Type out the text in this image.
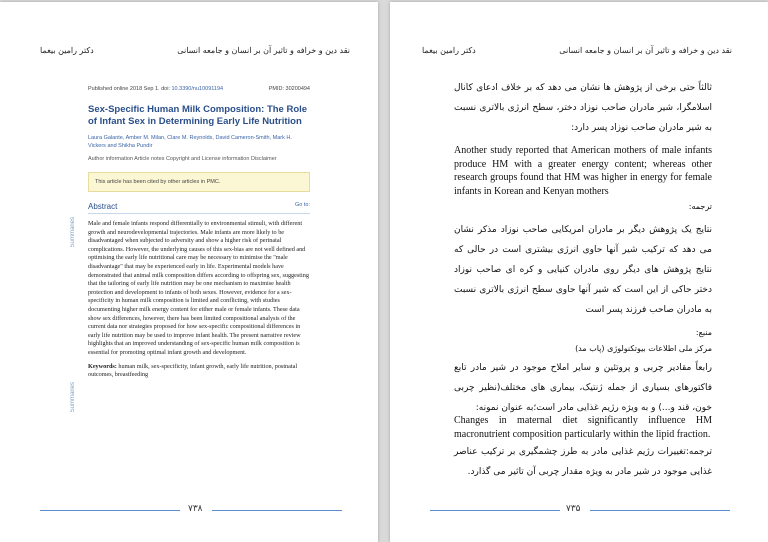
نقد دین و خرافه و تاثیر آن بر انسان و جامعه انسانی
دکتر رامین بیغما
Summaries
Summaries
Published online 2018 Sep 1. doi: 10.3390/nu10091194	PMID: 30200494
Sex-Specific Human Milk Composition: The Role of Infant Sex in Determining Early Life Nutrition
Laura Galante, Amber M. Milan, Clare M. Reynolds, David Cameron-Smith, Mark H. Vickers and Shikha Pundir
Author information Article notes Copyright and License information Disclaimer
This article has been cited by other articles in PMC.
Abstract	Go to:
Male and female infants respond differentially to environmental stimuli, with different growth and neurodevelopmental trajectories. Male infants are more likely to be disadvantaged when subjected to adversity and show a higher risk of perinatal complications. However, the underlying causes of this sex-bias are not well defined and optimising the early life nutritional care may be necessary to minimise the "male disadvantage" that may be experienced early in life. Experimental models have demonstrated that animal milk composition differs according to offspring sex, suggesting that the tailoring of early life nutrition may be one mechanism to maximise health protection and development to infants of both sexes. However, evidence for a sex-specificity in human milk composition is limited and conflicting, with studies documenting higher milk energy content for either male or female infants. These data show sex differences, however, there has been limited compositional analysis of the current data nor strategies proposed for how sex-specific compositional differences in early life nutrition may be used to improve infant health. The present narrative review highlights that an improved understanding of sex-specific human milk composition is essential for promoting optimal infant growth and development.
Keywords: human milk, sex-specificity, infant growth, early life nutrition, postnatal outcomes, breastfeeding
۷۳۸
نقد دین و خرافه و تاثیر آن بر انسان و جامعه انسانی
دکتر رامین بیغما
ثالثاً حتی برخی از پژوهش ها نشان می دهد که بر خلاف ادعای کانال اسلامگرا، شیر مادران صاحب نوزاد دختر، سطح انرژی بالاتری نسبت به شیر مادران صاحب نوزاد پسر دارد:
Another study reported that American mothers of male infants produce HM with a greater energy content; whereas other research groups found that HM was higher in energy for female infants in Korean and Kenyan mothers
ترجمه:
نتایج یک پژوهش دیگر بر مادران امریکایی صاحب نوزاد مذکر نشان می دهد که ترکیب شیر آنها حاوی انرژی بیشتری است در حالی که نتایج پژوهش های دیگر روی مادران کنیایی و کره ای صاحب نوزاد دختر حاکی از این است که شیر آنها حاوی سطح انرژی بالاتری نسبت به مادران صاحب فرزند پسر است
منبع:
مرکز ملی اطلاعات بیوتکنولوژی (پاب مد)
رابعاً مقادیر چربی و پروتئین و سایر املاح موجود در شیر مادر تابع فاکتورهای بسیاری از جمله ژنتیک، بیماری های مختلف(نظیر چربی خون، قند و...) و به ویژه رژیم غذایی مادر است؛به عنوان نمونه:
Changes in maternal diet significantly influence HM macronutrient composition particularly within the lipid fraction.
ترجمه:تغییرات رژیم غذایی مادر به طرز چشمگیری بر ترکیب عناصر غذایی موجود در شیر مادر به ویژه مقدار چربی آن تاثیر می گذارد.
۷۳۵
